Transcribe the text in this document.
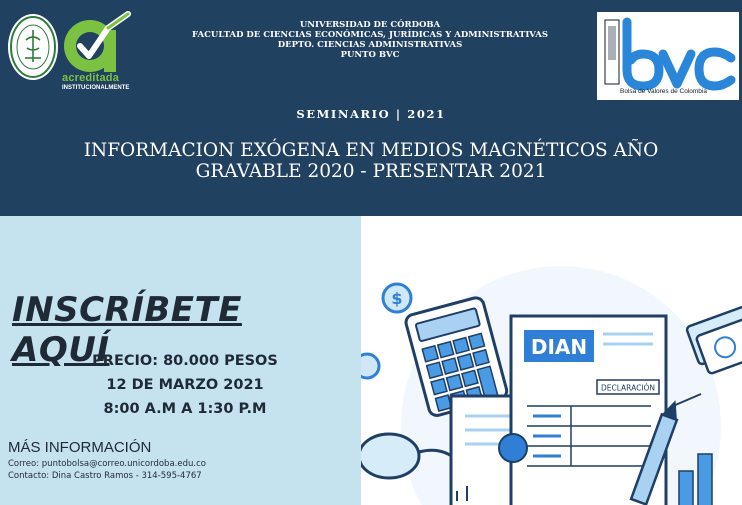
acreditada
INSTITUCIONALMENTE
UNIVERSIDAD DE CÓRDOBA
FACULTAD DE CIENCIAS ECONÓMICAS, JURÍDICAS Y ADMINISTRATIVAS
DEPTO. CIENCIAS ADMINISTRATIVAS
PUNTO BVC
Bolsa de Valores de Colombia
SEMINARIO | 2021
INFORMACION EXÓGENA EN MEDIOS MAGNÉTICOS AÑO
GRAVABLE 2020 - PRESENTAR 2021
INSCRÍBETE AQUÍ
PRECIO: 80.000 PESOS
12 DE MARZO 2021
8:00 A.M A 1:30 P.M
MÁS INFORMACIÓN
Correo: puntobolsa@correo.unicordoba.edu.co
Contacto: Dina Castro Ramos - 314-595-4767
$
DIAN
DECLARACIÓN
